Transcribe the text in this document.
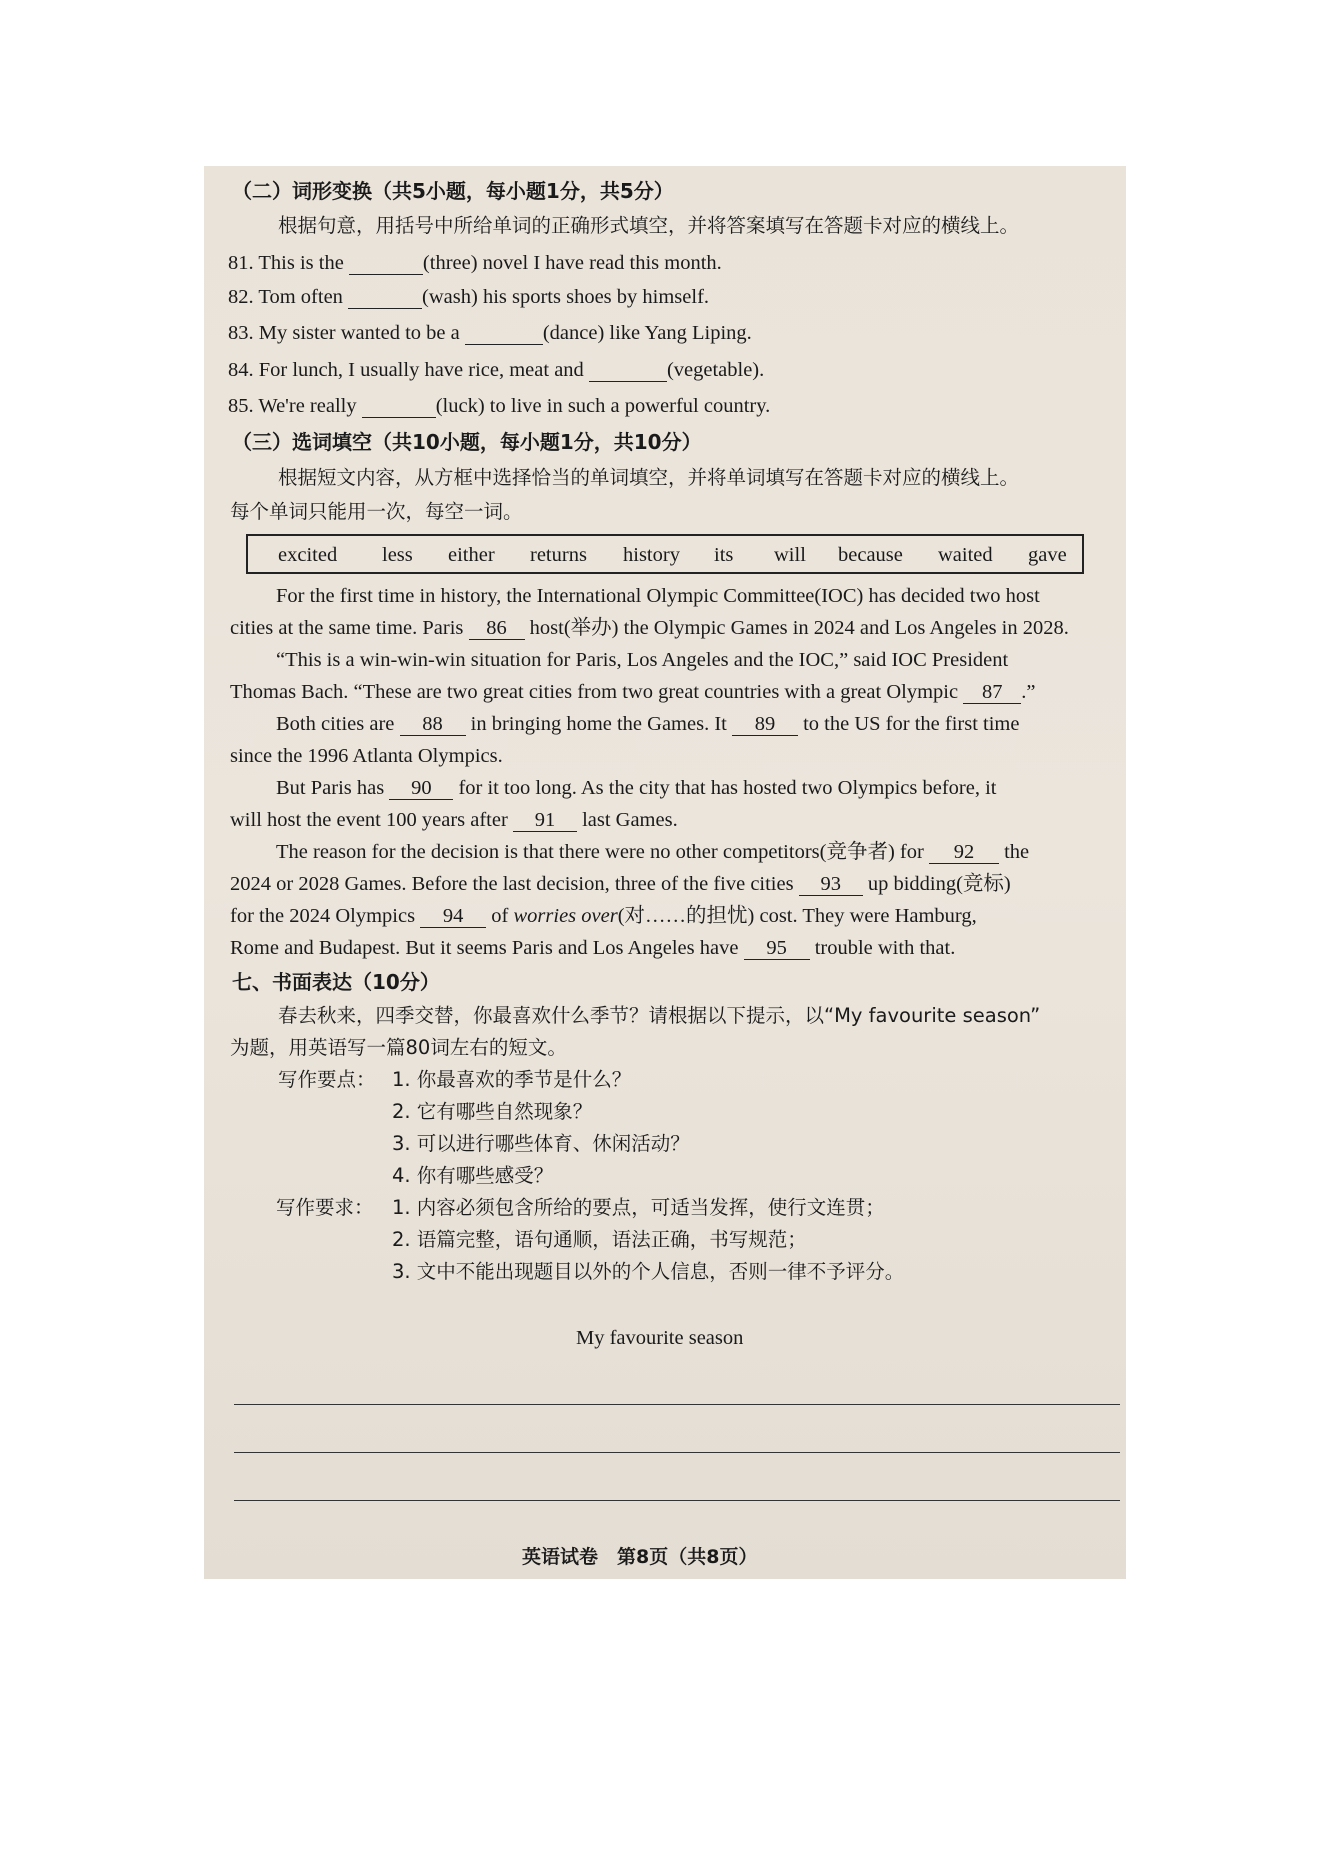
（二）词形变换（共5小题，每小题1分，共5分）
根据句意，用括号中所给单词的正确形式填空，并将答案填写在答题卡对应的横线上。
81. This is the	(three) novel I have read this month.
82. Tom often	(wash) his sports shoes by himself.
83. My sister wanted to be a	(dance) like Yang Liping.
84. For lunch, I usually have rice, meat and	(vegetable).
85. We're really	(luck) to live in such a powerful country.
（三）选词填空（共10小题，每小题1分，共10分）
根据短文内容，从方框中选择恰当的单词填空，并将单词填写在答题卡对应的横线上。
每个单词只能用一次，每空一词。
excited less either returns history its will because waited gave
For the first time in history, the International Olympic Committee(IOC) has decided two host
cities at the same time. Paris 86 host(举办) the Olympic Games in 2024 and Los Angeles in 2028.
“This is a win-win-win situation for Paris, Los Angeles and the IOC,” said IOC President
Thomas Bach. “These are two great cities from two great countries with a great Olympic 87 .”
Both cities are 88 in bringing home the Games. It 89 to the US for the first time
since the 1996 Atlanta Olympics.
But Paris has 90 for it too long. As the city that has hosted two Olympics before, it
will host the event 100 years after 91 last Games.
The reason for the decision is that there were no other competitors(竞争者) for 92 the
2024 or 2028 Games. Before the last decision, three of the five cities 93 up bidding(竞标)
for the 2024 Olympics 94 of worries over(对……的担忧) cost. They were Hamburg,
Rome and Budapest. But it seems Paris and Los Angeles have 95 trouble with that.
七、书面表达（10分）
春去秋来，四季交替，你最喜欢什么季节？请根据以下提示，以“My favourite season”
为题，用英语写一篇80词左右的短文。
写作要点： 1. 你最喜欢的季节是什么？
2. 它有哪些自然现象？
3. 可以进行哪些体育、休闲活动？
4. 你有哪些感受？
写作要求： 1. 内容必须包含所给的要点，可适当发挥，使行文连贯；
2. 语篇完整，语句通顺，语法正确，书写规范；
3. 文中不能出现题目以外的个人信息，否则一律不予评分。
My favourite season
英语试卷　第8页（共8页）
